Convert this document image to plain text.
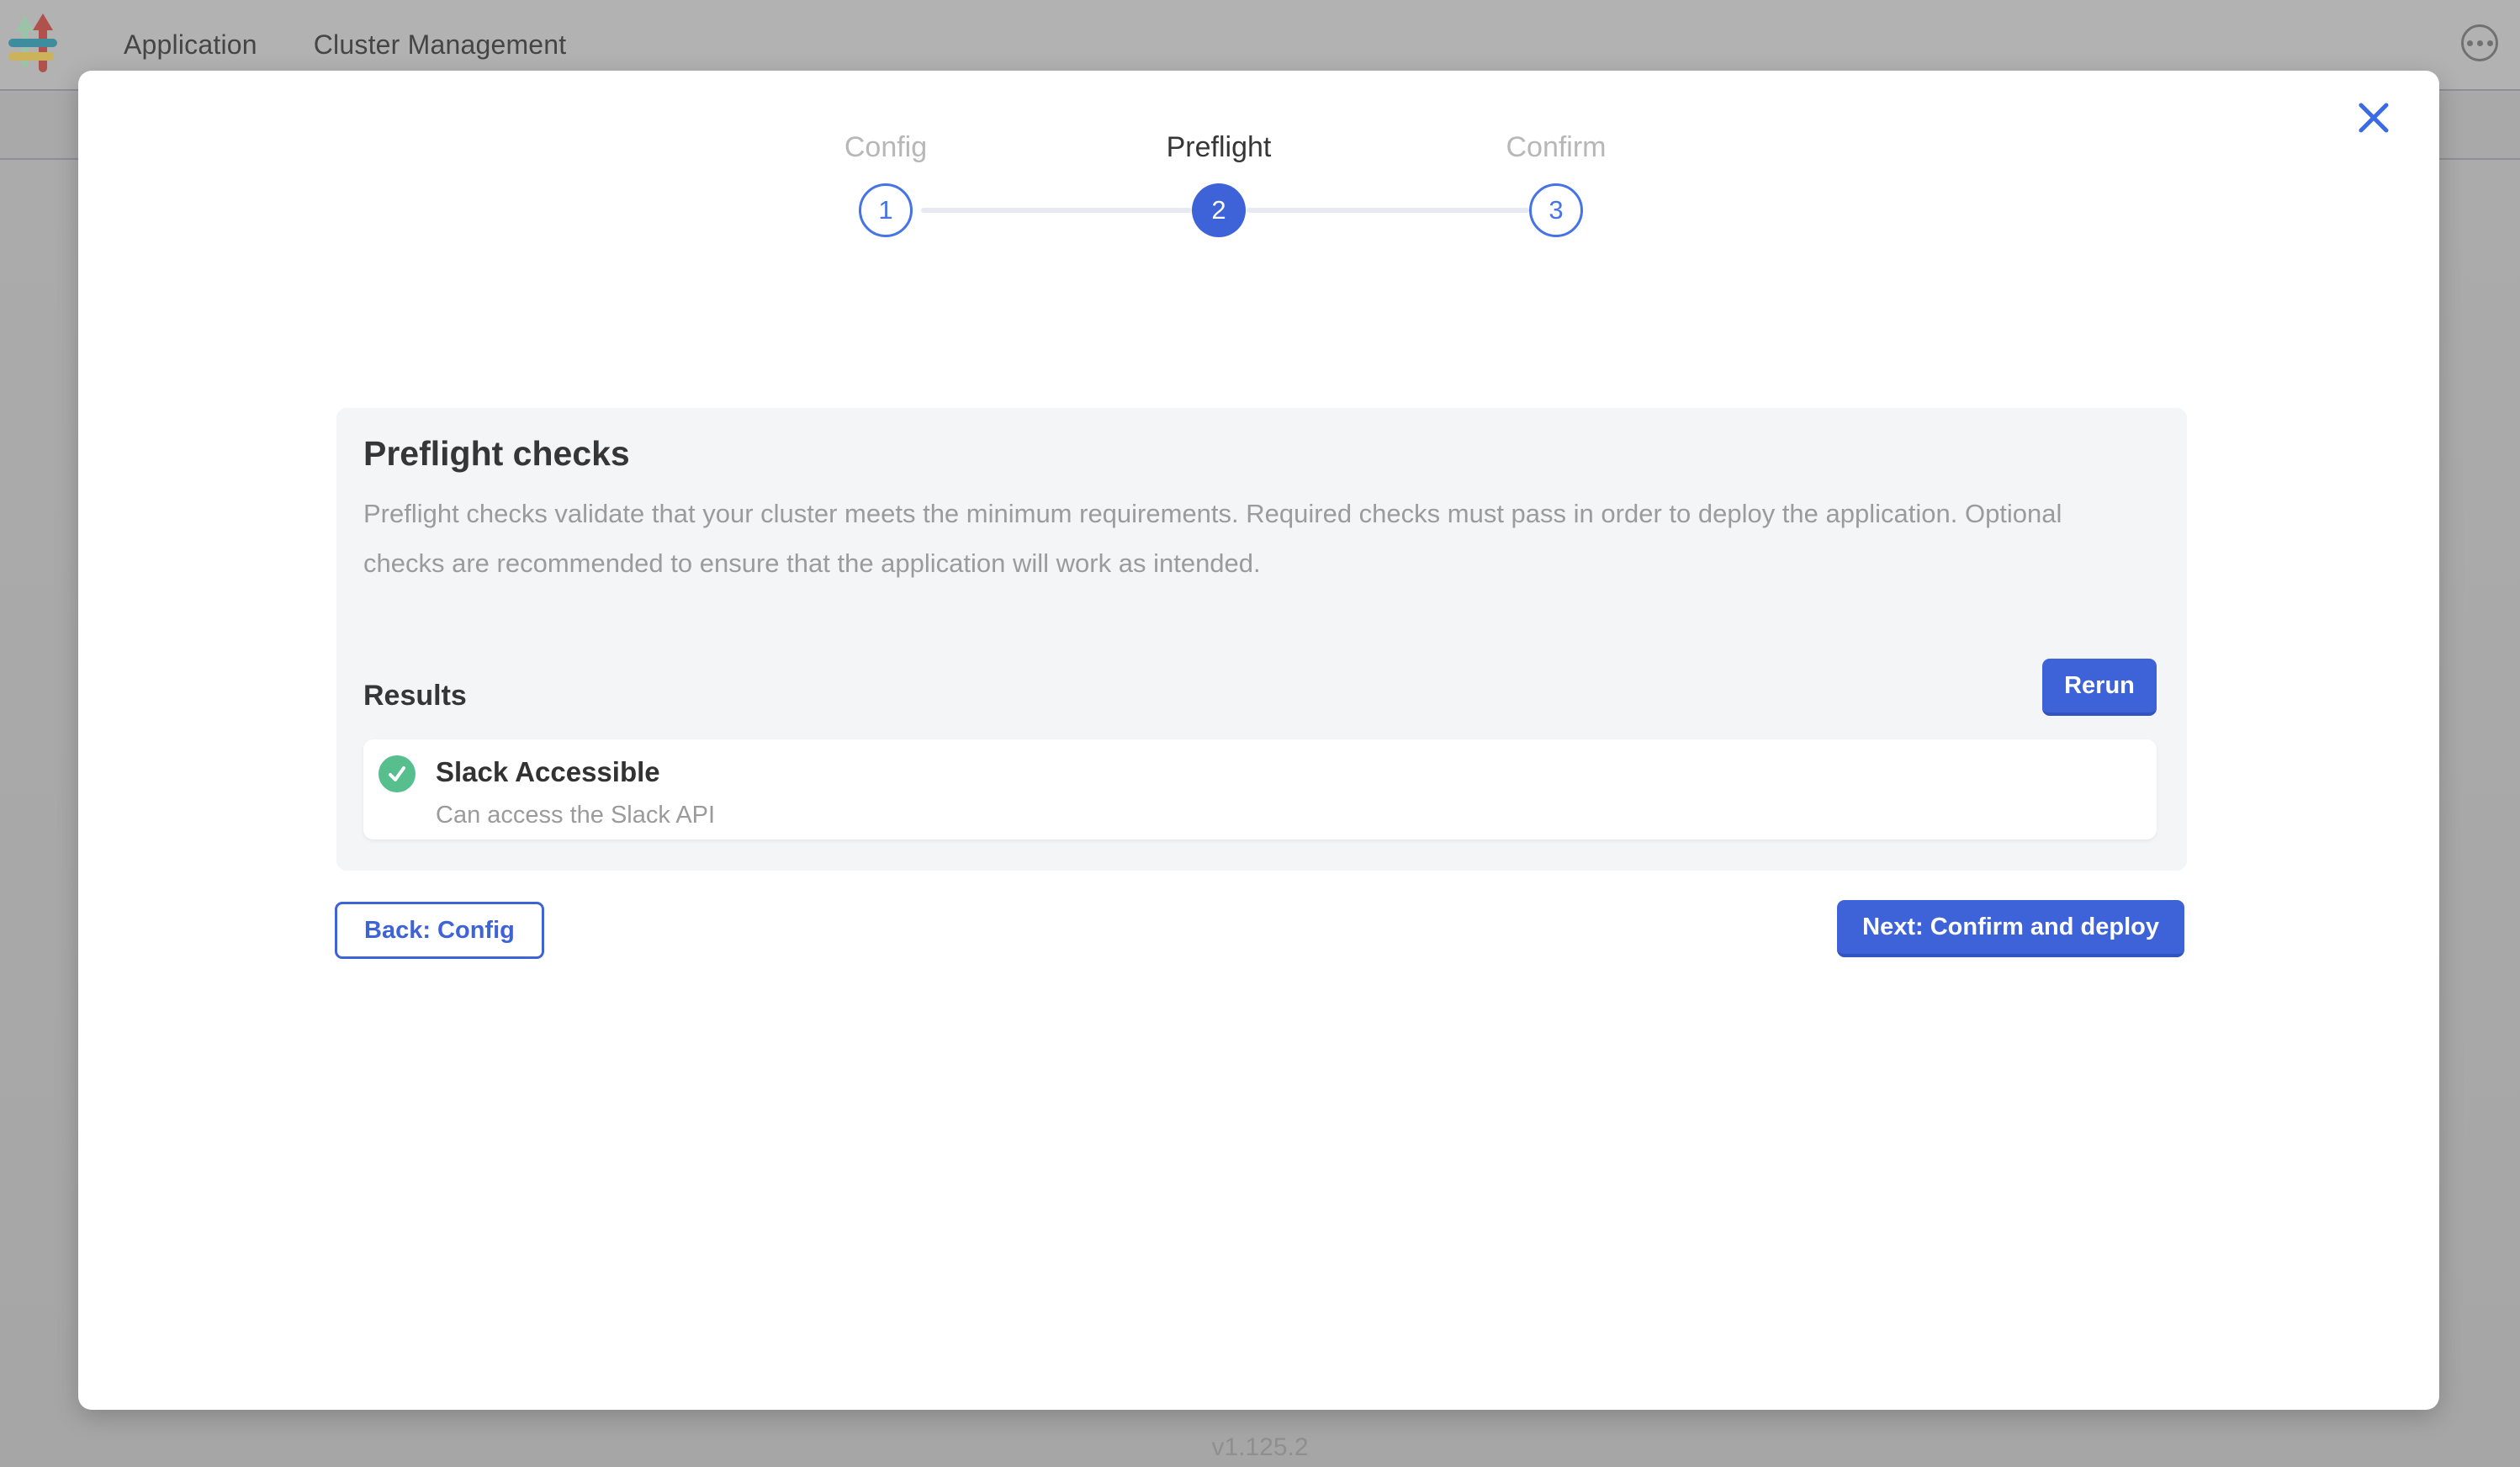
Application Cluster Management
v1.125.2
Config	Preflight	Confirm
1	2	3
Preflight checks
Preflight checks validate that your cluster meets the minimum requirements. Required checks must pass in order to deploy the application. Optional checks are recommended to ensure that the application will work as intended.
Results	Rerun
Slack Accessible
Can access the Slack API
Back: Config	Next: Confirm and deploy
